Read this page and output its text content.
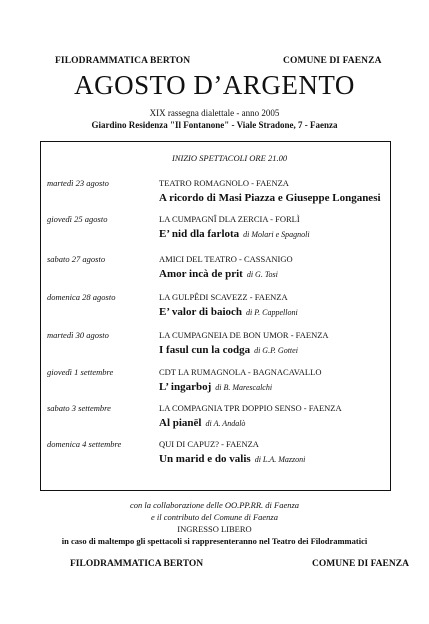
FILODRAMMATICA BERTON	COMUNE DI FAENZA
AGOSTO D’ARGENTO
XIX rassegna dialettale - anno 2005
Giardino Residenza "Il Fontanone" - Viale Stradone, 7 - Faenza
INIZIO SPETTACOLI ORE 21.00
martedì 23 agosto	TEATRO ROMAGNOLO - FAENZA
A ricordo di Masi Piazza e Giuseppe Longanesi
giovedì 25 agosto	LA CUMPAGNÎ DLA ZERCIA - FORLÌ
E’ nid dla farlota di Molari e Spagnoli
sabato 27 agosto	AMICI DEL TEATRO - CASSANIGO
Amor incà de prit di G. Tosi
domenica 28 agosto	LA GULPÊDI SCAVEZZ - FAENZA
E’ valor di baioch di P. Cappelloni
martedì 30 agosto	LA CUMPAGNEIA DE BON UMOR - FAENZA
I fasul cun la codga di G.P. Gottei
giovedì 1 settembre	CDT LA RUMAGNOLA - BAGNACAVALLO
L’ ingarboj di B. Marescalchi
sabato 3 settembre	LA COMPAGNIA TPR DOPPIO SENSO - FAENZA
Al pianël di A. Andalò
domenica 4 settembre	QUI DI CAPUZ? - FAENZA
Un marid e do valis di L.A. Mazzoni
con la collaborazione delle OO.PP.RR. di Faenza
e il contributo del Comune di Faenza
INGRESSO LIBERO
in caso di maltempo gli spettacoli si rappresenteranno nel Teatro dei Filodrammatici
FILODRAMMATICA BERTON	COMUNE DI FAENZA
